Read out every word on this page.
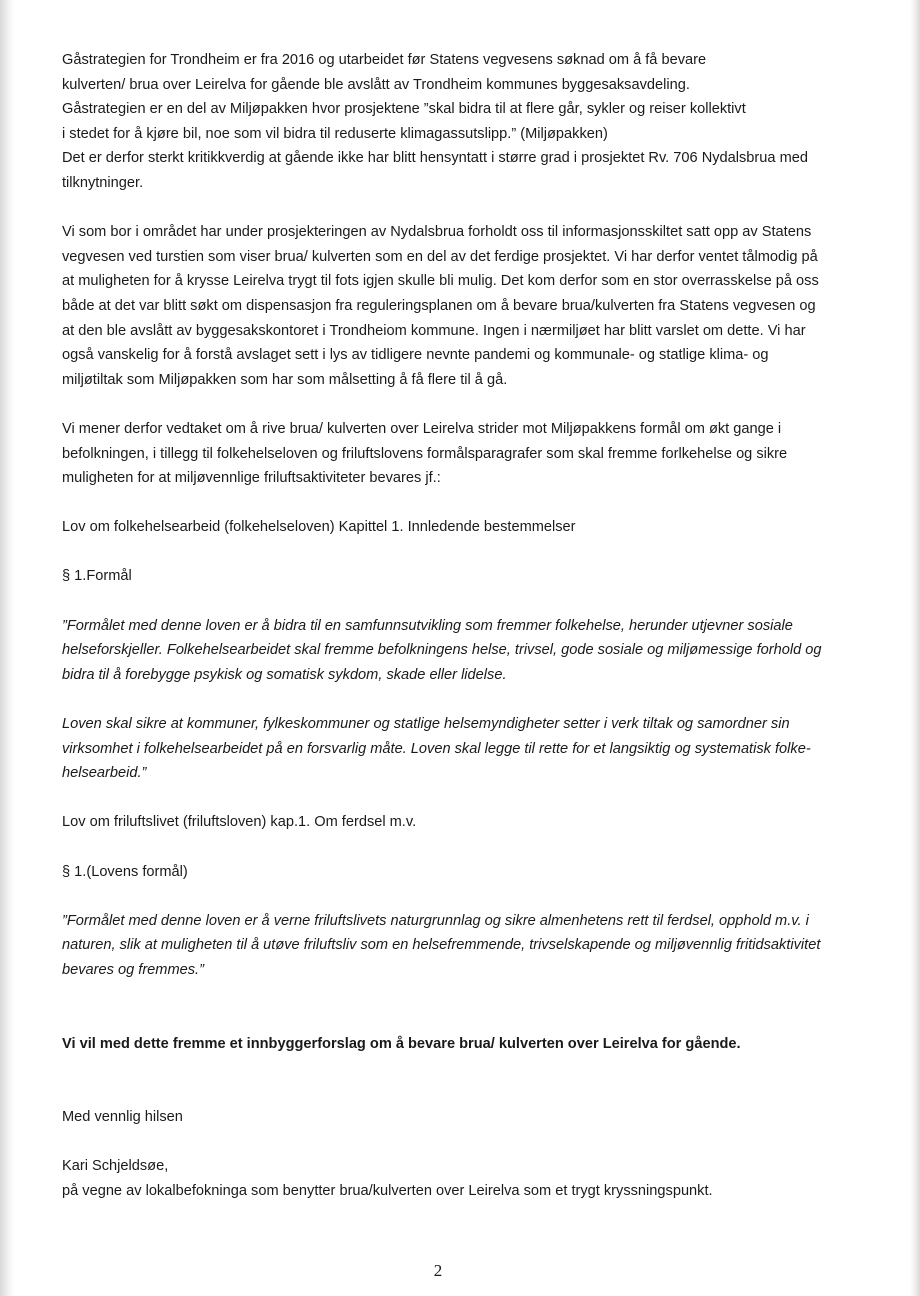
Gåstrategien for Trondheim er fra 2016 og utarbeidet før Statens vegvesens søknad om å få bevare
kulverten/ brua over Leirelva for gående ble avslått av Trondheim kommunes byggesaksavdeling.
Gåstrategien er en del av Miljøpakken hvor prosjektene ”skal bidra til at flere går, sykler og reiser kollektivt
i stedet for å kjøre bil, noe som vil bidra til reduserte klimagassutslipp.” (Miljøpakken)
Det er derfor sterkt kritikkverdig at gående ikke har blitt hensyntatt i større grad i prosjektet Rv. 706 Nydalsbrua med
tilknytninger.

Vi som bor i området har under prosjekteringen av Nydalsbrua forholdt oss til informasjonsskiltet satt opp av Statens
vegvesen ved turstien som viser brua/ kulverten som en del av det ferdige prosjektet. Vi har derfor ventet tålmodig på
at muligheten for å krysse Leirelva trygt til fots igjen skulle bli mulig. Det kom derfor som en stor overrasskelse på oss
både at det var blitt søkt om dispensasjon fra reguleringsplanen om å bevare brua/kulverten fra Statens vegvesen og
at den ble avslått av byggesakskontoret i Trondheiom kommune. Ingen i nærmiljøet har blitt varslet om dette. Vi har
også vanskelig for å forstå avslaget sett i lys av tidligere nevnte pandemi og kommunale- og statlige klima- og
miljøtiltak som Miljøpakken som har som målsetting å få flere til å gå.

Vi mener derfor vedtaket om å rive brua/ kulverten over Leirelva strider mot Miljøpakkens formål om økt gange i
befolkningen, i tillegg til folkehelseloven og friluftslovens formålsparagrafer som skal fremme forlkehelse og sikre
muligheten for at miljøvennlige friluftsaktiviteter bevares jf.:

Lov om folkehelsearbeid (folkehelseloven) Kapittel 1. Innledende bestemmelser

§ 1.Formål

”Formålet med denne loven er å bidra til en samfunnsutvikling som fremmer folkehelse, herunder utjevner sosiale
helseforskjeller. Folkehelsearbeidet skal fremme befolkningens helse, trivsel, gode sosiale og miljømessige forhold og
bidra til å forebygge psykisk og somatisk sykdom, skade eller lidelse.

Loven skal sikre at kommuner, fylkeskommuner og statlige helsemyndigheter setter i verk tiltak og samordner sin
virksomhet i folkehelsearbeidet på en forsvarlig måte. Loven skal legge til rette for et langsiktig og systematisk folke-
helsearbeid.”

Lov om friluftslivet (friluftsloven) kap.1. Om ferdsel m.v.

§ 1.(Lovens formål)

”Formålet med denne loven er å verne friluftslivets naturgrunnlag og sikre almenhetens rett til ferdsel, opphold m.v. i
naturen, slik at muligheten til å utøve friluftsliv som en helsefremmende, trivselskapende og miljøvennlig fritidsaktivitet
bevares og fremmes.”

Vi vil med dette fremme et innbyggerforslag om å bevare brua/ kulverten over Leirelva for gående.

Med vennlig hilsen

Kari Schjeldsøe,
på vegne av lokalbefokninga som benytter brua/kulverten over Leirelva som et trygt kryssningspunkt.

2
